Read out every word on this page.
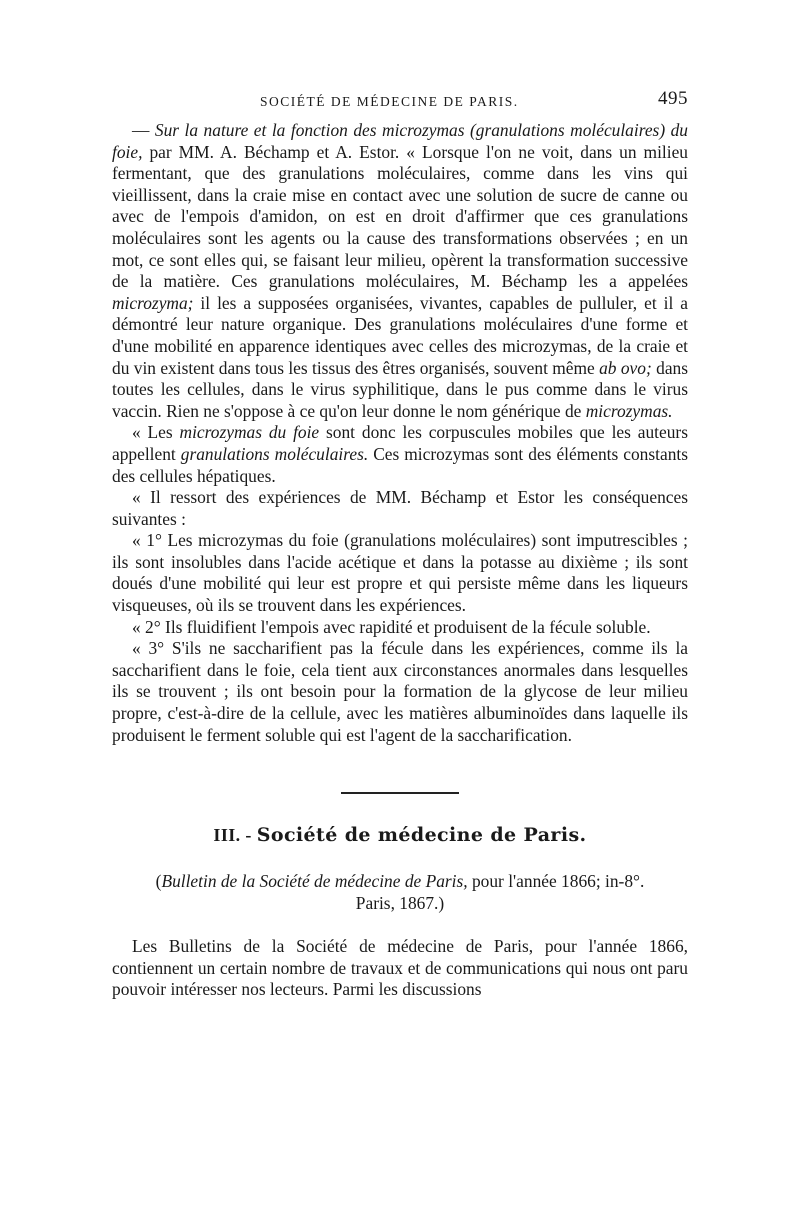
SOCIÉTÉ DE MÉDECINE DE PARIS.	495

— Sur la nature et la fonction des microzymas (granulations moléculaires) du foie, par MM. A. Béchamp et A. Estor. « Lorsque l'on ne voit, dans un milieu fermentant, que des granulations moléculaires, comme dans les vins qui vieillissent, dans la craie mise en contact avec une solution de sucre de canne ou avec de l'empois d'amidon, on est en droit d'affirmer que ces granulations moléculaires sont les agents ou la cause des transformations observées ; en un mot, ce sont elles qui, se faisant leur milieu, opèrent la transformation successive de la matière. Ces granulations moléculaires, M. Béchamp les a appelées microzyma; il les a supposées organisées, vivantes, capables de pulluler, et il a démontré leur nature organique. Des granulations moléculaires d'une forme et d'une mobilité en apparence identiques avec celles des microzymas, de la craie et du vin existent dans tous les tissus des êtres organisés, souvent même ab ovo; dans toutes les cellules, dans le virus syphilitique, dans le pus comme dans le virus vaccin. Rien ne s'oppose à ce qu'on leur donne le nom générique de microzymas.

« Les microzymas du foie sont donc les corpuscules mobiles que les auteurs appellent granulations moléculaires. Ces microzymas sont des éléments constants des cellules hépatiques.

« Il ressort des expériences de MM. Béchamp et Estor les conséquences suivantes :

« 1° Les microzymas du foie (granulations moléculaires) sont imputrescibles ; ils sont insolubles dans l'acide acétique et dans la potasse au dixième ; ils sont doués d'une mobilité qui leur est propre et qui persiste même dans les liqueurs visqueuses, où ils se trouvent dans les expériences.

« 2° Ils fluidifient l'empois avec rapidité et produisent de la fécule soluble.

« 3° S'ils ne saccharifient pas la fécule dans les expériences, comme ils la saccharifient dans le foie, cela tient aux circonstances anormales dans lesquelles ils se trouvent ; ils ont besoin pour la formation de la glycose de leur milieu propre, c'est-à-dire de la cellule, avec les matières albuminoïdes dans laquelle ils produisent le ferment soluble qui est l'agent de la saccharification.

III. - Société de médecine de Paris.

(Bulletin de la Société de médecine de Paris, pour l'année 1866; in-8°.

Paris, 1867.)

Les Bulletins de la Société de médecine de Paris, pour l'année 1866, contiennent un certain nombre de travaux et de communications qui nous ont paru pouvoir intéresser nos lecteurs. Parmi les discussions
